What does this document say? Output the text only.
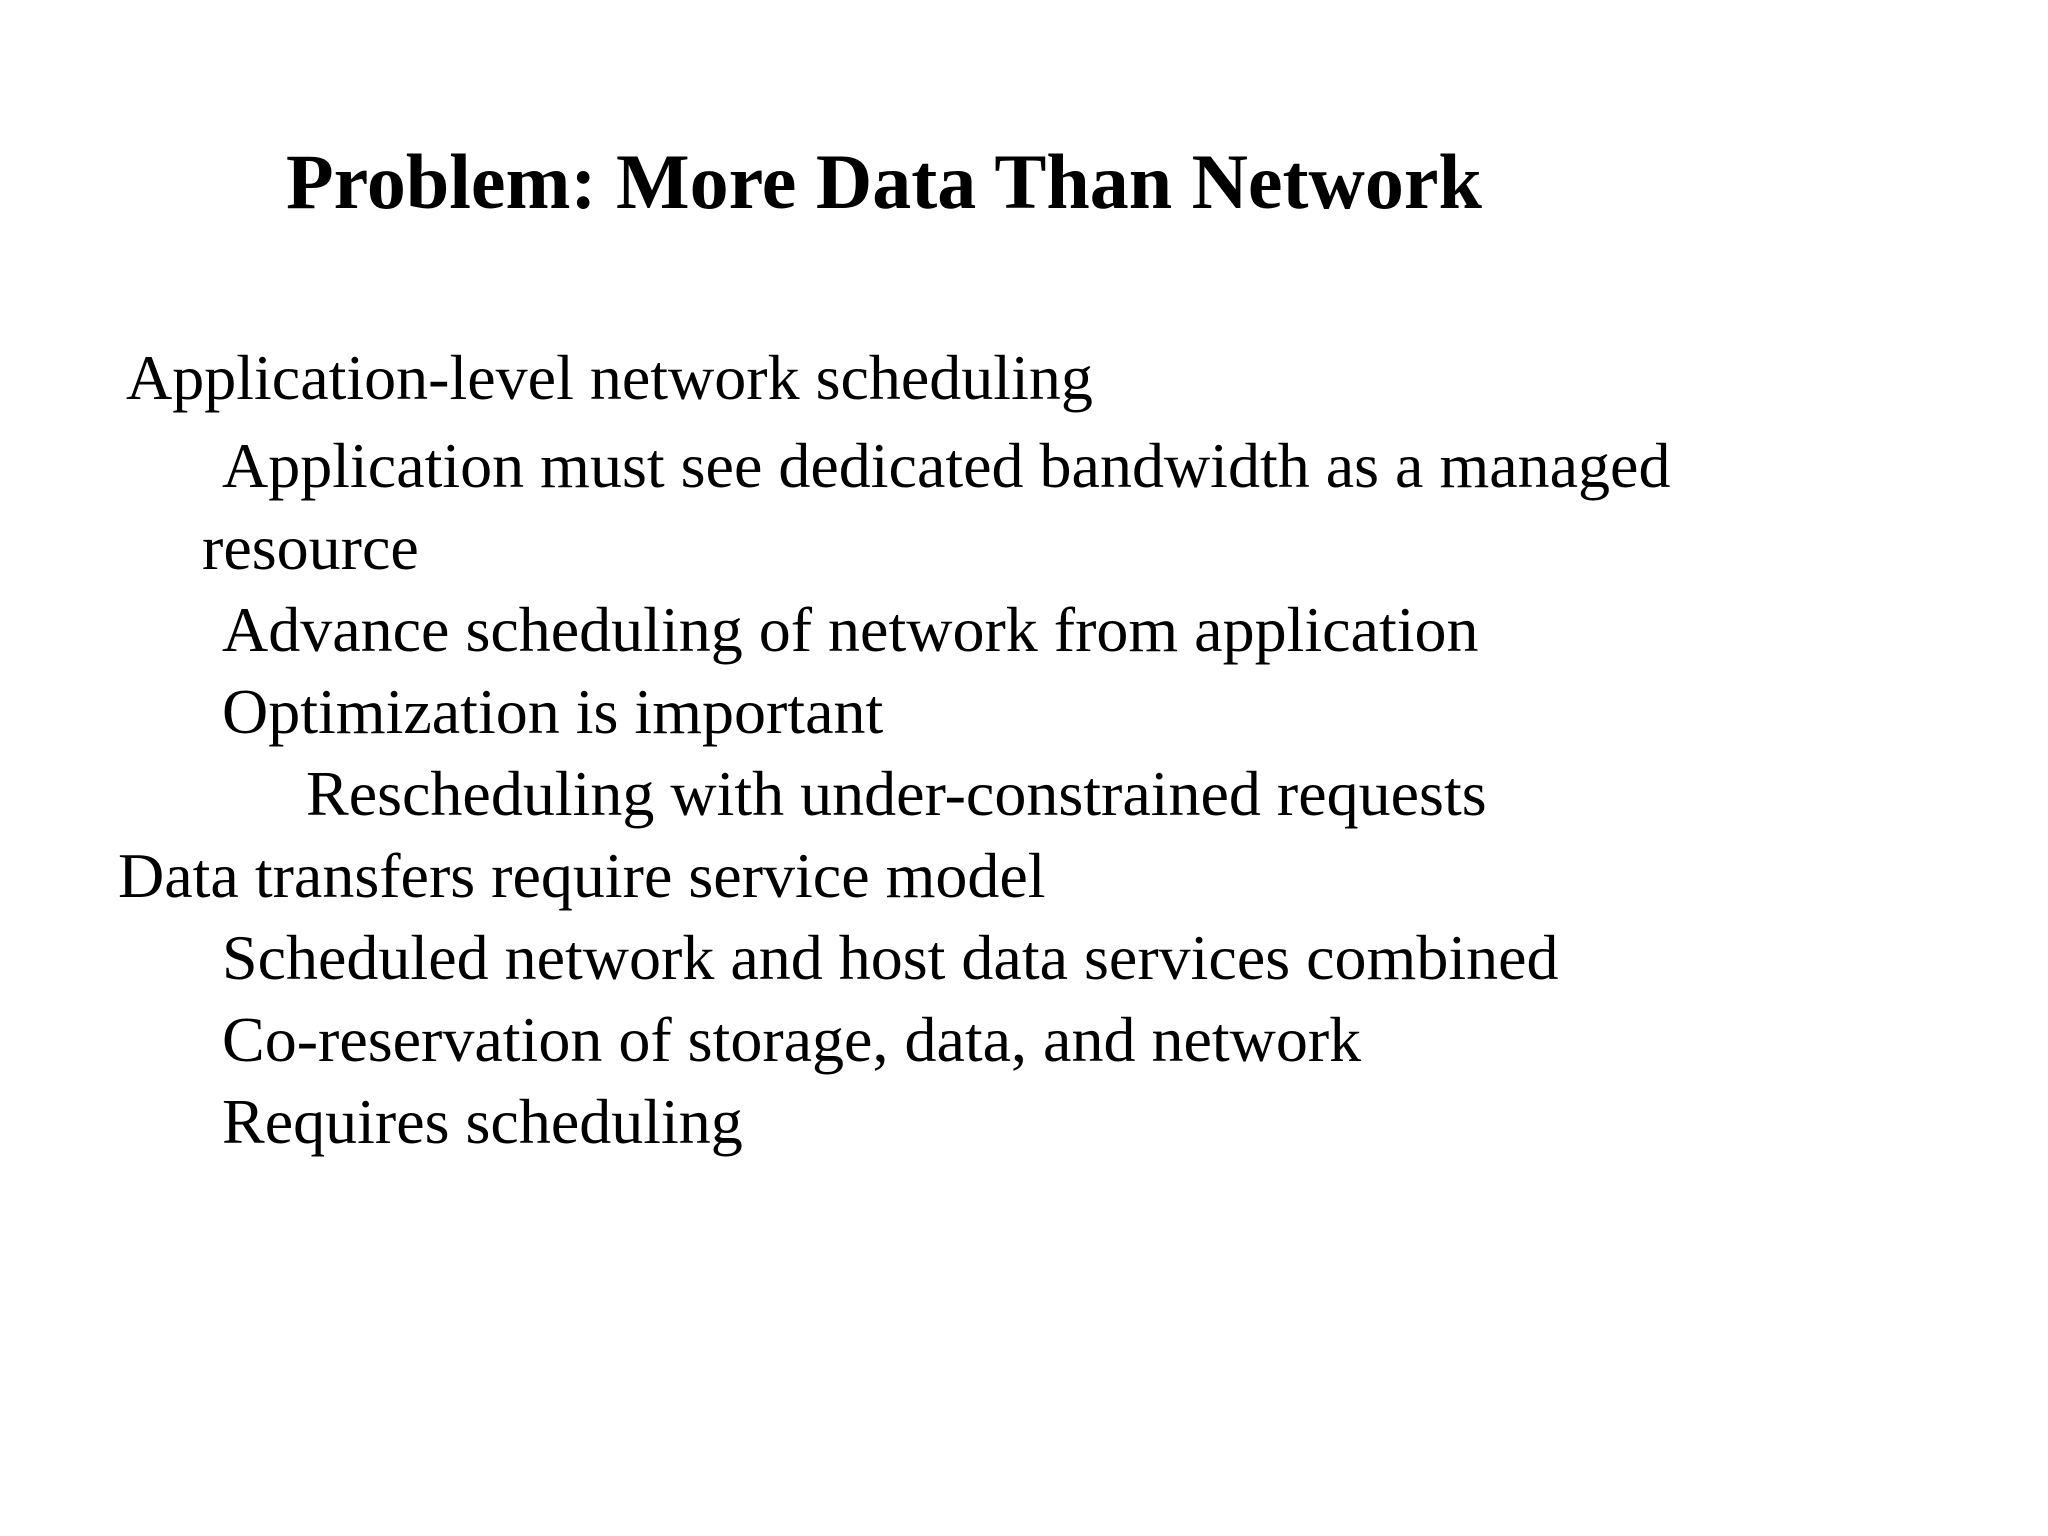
Problem: More Data Than Network
Application-level network scheduling
Application must see dedicated bandwidth as a managed
resource
Advance scheduling of network from application
Optimization is important
Rescheduling with under-constrained requests
Data transfers require service model
Scheduled network and host data services combined
Co-reservation of storage, data, and network
Requires scheduling
